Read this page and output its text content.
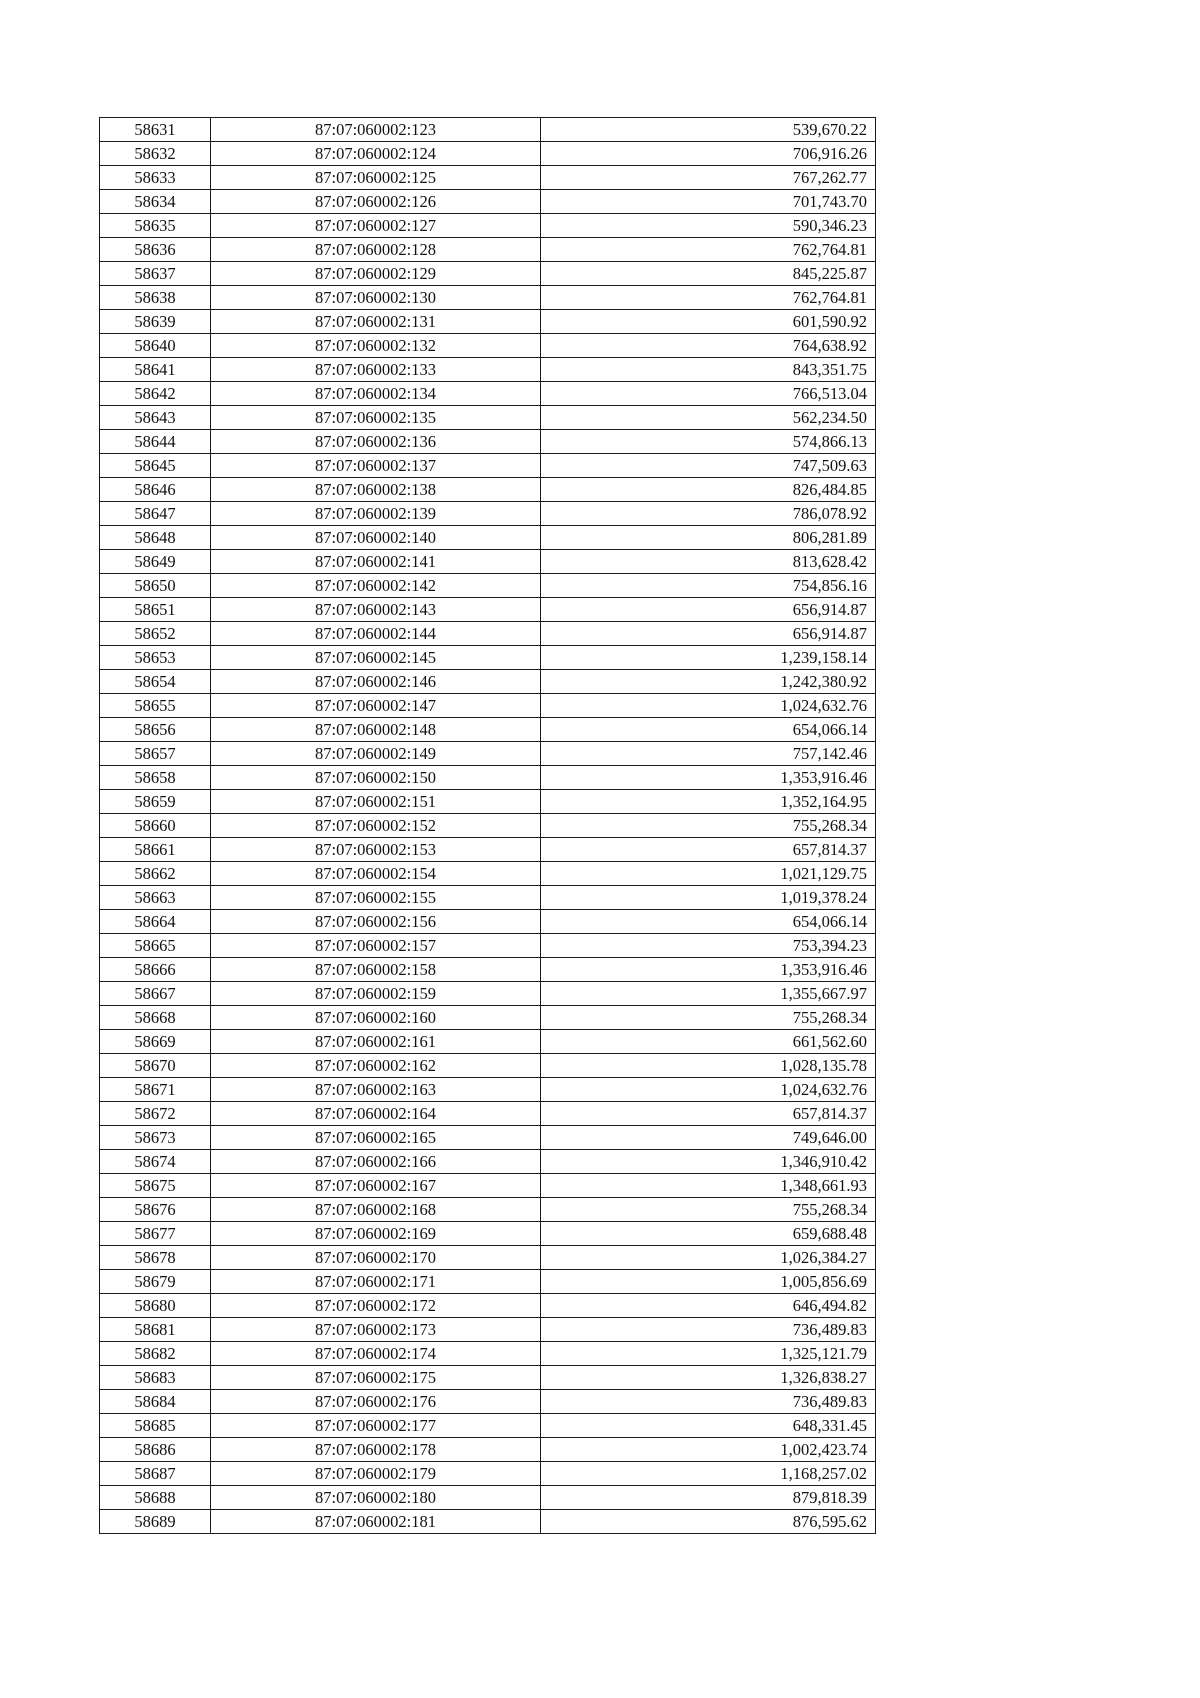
58631	87:07:060002:123	539,670.22
58632	87:07:060002:124	706,916.26
58633	87:07:060002:125	767,262.77
58634	87:07:060002:126	701,743.70
58635	87:07:060002:127	590,346.23
58636	87:07:060002:128	762,764.81
58637	87:07:060002:129	845,225.87
58638	87:07:060002:130	762,764.81
58639	87:07:060002:131	601,590.92
58640	87:07:060002:132	764,638.92
58641	87:07:060002:133	843,351.75
58642	87:07:060002:134	766,513.04
58643	87:07:060002:135	562,234.50
58644	87:07:060002:136	574,866.13
58645	87:07:060002:137	747,509.63
58646	87:07:060002:138	826,484.85
58647	87:07:060002:139	786,078.92
58648	87:07:060002:140	806,281.89
58649	87:07:060002:141	813,628.42
58650	87:07:060002:142	754,856.16
58651	87:07:060002:143	656,914.87
58652	87:07:060002:144	656,914.87
58653	87:07:060002:145	1,239,158.14
58654	87:07:060002:146	1,242,380.92
58655	87:07:060002:147	1,024,632.76
58656	87:07:060002:148	654,066.14
58657	87:07:060002:149	757,142.46
58658	87:07:060002:150	1,353,916.46
58659	87:07:060002:151	1,352,164.95
58660	87:07:060002:152	755,268.34
58661	87:07:060002:153	657,814.37
58662	87:07:060002:154	1,021,129.75
58663	87:07:060002:155	1,019,378.24
58664	87:07:060002:156	654,066.14
58665	87:07:060002:157	753,394.23
58666	87:07:060002:158	1,353,916.46
58667	87:07:060002:159	1,355,667.97
58668	87:07:060002:160	755,268.34
58669	87:07:060002:161	661,562.60
58670	87:07:060002:162	1,028,135.78
58671	87:07:060002:163	1,024,632.76
58672	87:07:060002:164	657,814.37
58673	87:07:060002:165	749,646.00
58674	87:07:060002:166	1,346,910.42
58675	87:07:060002:167	1,348,661.93
58676	87:07:060002:168	755,268.34
58677	87:07:060002:169	659,688.48
58678	87:07:060002:170	1,026,384.27
58679	87:07:060002:171	1,005,856.69
58680	87:07:060002:172	646,494.82
58681	87:07:060002:173	736,489.83
58682	87:07:060002:174	1,325,121.79
58683	87:07:060002:175	1,326,838.27
58684	87:07:060002:176	736,489.83
58685	87:07:060002:177	648,331.45
58686	87:07:060002:178	1,002,423.74
58687	87:07:060002:179	1,168,257.02
58688	87:07:060002:180	879,818.39
58689	87:07:060002:181	876,595.62
